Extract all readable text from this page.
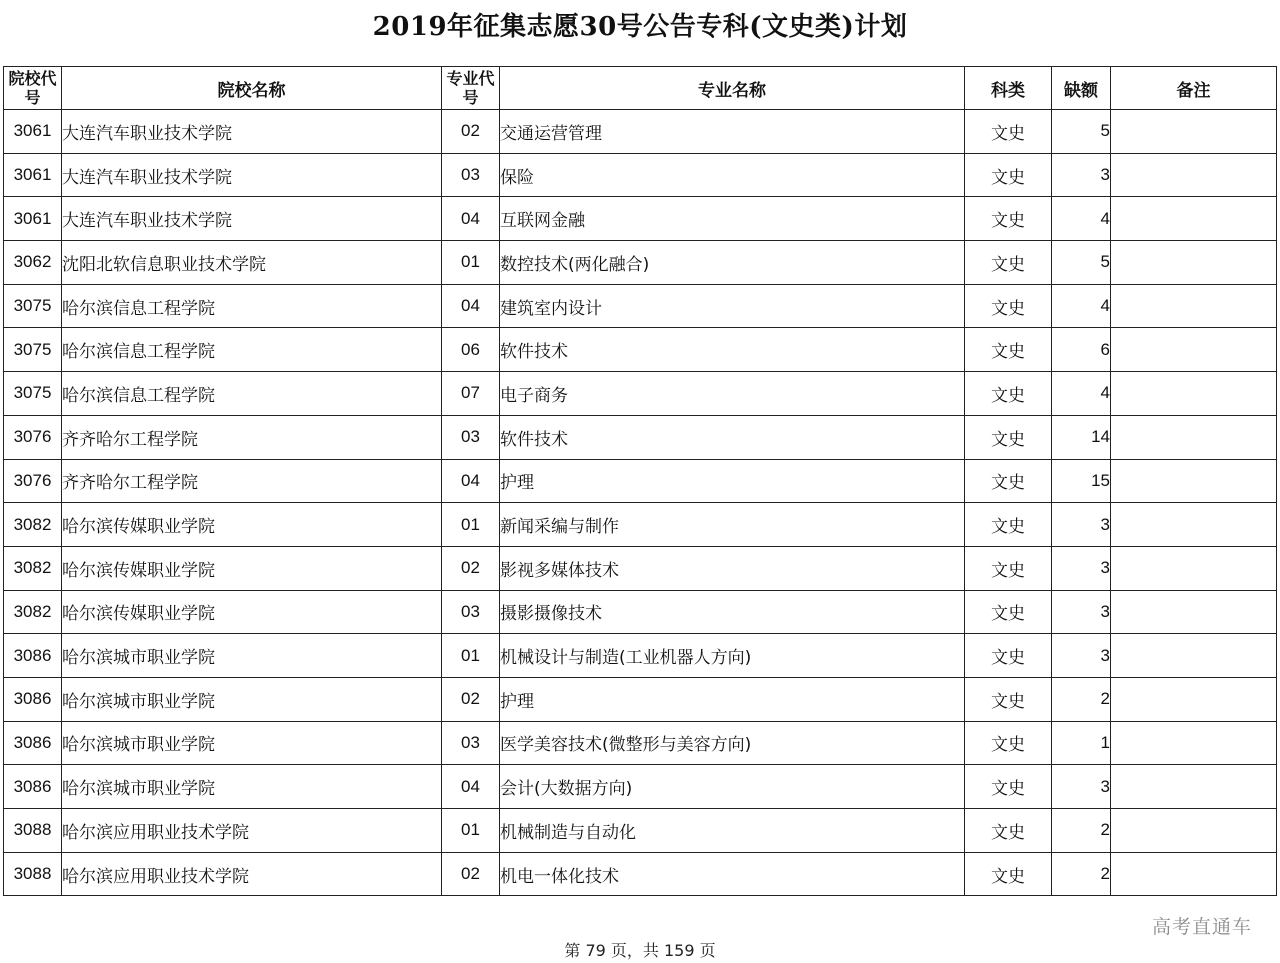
2019年征集志愿30号公告专科(文史类)计划
院校代号	院校名称	专业代号	专业名称	科类	缺额	备注
3061	大连汽车职业技术学院	02	交通运营管理	文史	5	
3061	大连汽车职业技术学院	03	保险	文史	3	
3061	大连汽车职业技术学院	04	互联网金融	文史	4	
3062	沈阳北软信息职业技术学院	01	数控技术(两化融合)	文史	5	
3075	哈尔滨信息工程学院	04	建筑室内设计	文史	4	
3075	哈尔滨信息工程学院	06	软件技术	文史	6	
3075	哈尔滨信息工程学院	07	电子商务	文史	4	
3076	齐齐哈尔工程学院	03	软件技术	文史	14	
3076	齐齐哈尔工程学院	04	护理	文史	15	
3082	哈尔滨传媒职业学院	01	新闻采编与制作	文史	3	
3082	哈尔滨传媒职业学院	02	影视多媒体技术	文史	3	
3082	哈尔滨传媒职业学院	03	摄影摄像技术	文史	3	
3086	哈尔滨城市职业学院	01	机械设计与制造(工业机器人方向)	文史	3	
3086	哈尔滨城市职业学院	02	护理	文史	2	
3086	哈尔滨城市职业学院	03	医学美容技术(微整形与美容方向)	文史	1	
3086	哈尔滨城市职业学院	04	会计(大数据方向)	文史	3	
3088	哈尔滨应用职业技术学院	01	机械制造与自动化	文史	2	
3088	哈尔滨应用职业技术学院	02	机电一体化技术	文史	2	
高考直通车
第 79 页，共 159 页
